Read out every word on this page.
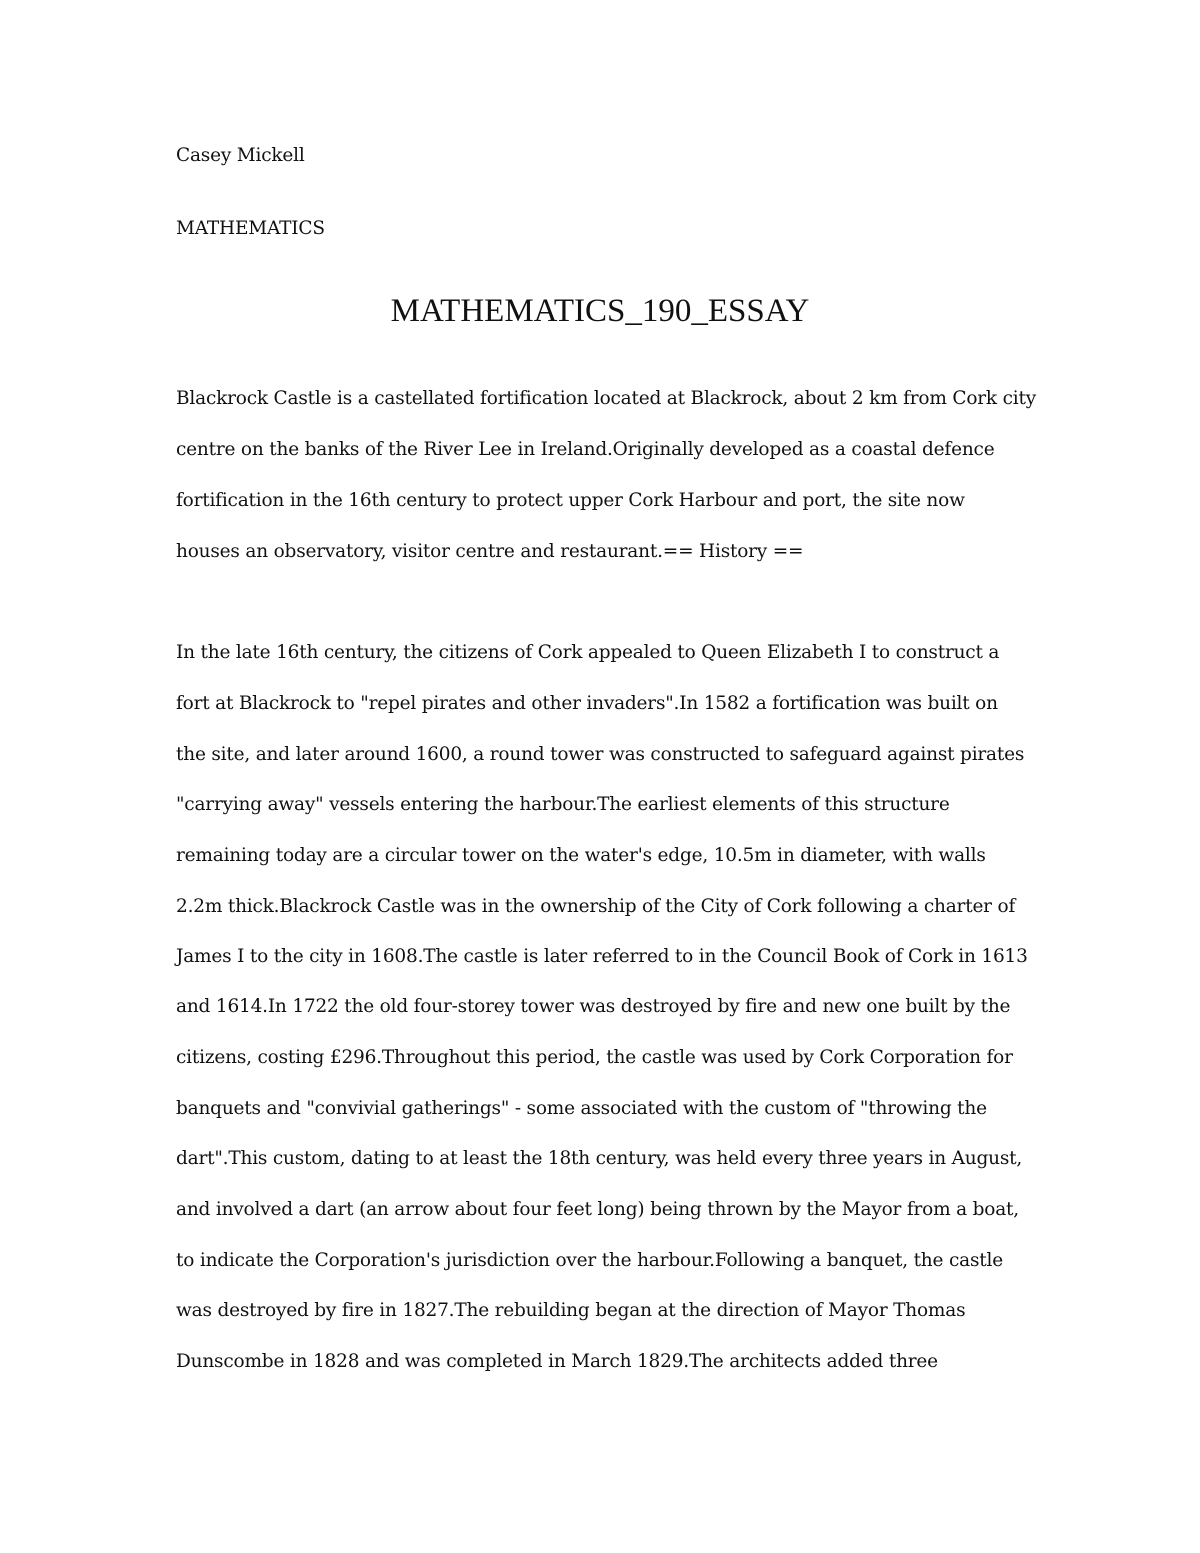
Casey Mickell
MATHEMATICS
MATHEMATICS_190_ESSAY
Blackrock Castle is a castellated fortification located at Blackrock, about 2 km from Cork city
centre on the banks of the River Lee in Ireland.Originally developed as a coastal defence
fortification in the 16th century to protect upper Cork Harbour and port, the site now
houses an observatory, visitor centre and restaurant.== History ==
In the late 16th century, the citizens of Cork appealed to Queen Elizabeth I to construct a
fort at Blackrock to "repel pirates and other invaders".In 1582 a fortification was built on
the site, and later around 1600, a round tower was constructed to safeguard against pirates
"carrying away" vessels entering the harbour.The earliest elements of this structure
remaining today are a circular tower on the water's edge, 10.5m in diameter, with walls
2.2m thick.Blackrock Castle was in the ownership of the City of Cork following a charter of
James I to the city in 1608.The castle is later referred to in the Council Book of Cork in 1613
and 1614.In 1722 the old four-storey tower was destroyed by fire and new one built by the
citizens, costing £296.Throughout this period, the castle was used by Cork Corporation for
banquets and "convivial gatherings" - some associated with the custom of "throwing the
dart".This custom, dating to at least the 18th century, was held every three years in August,
and involved a dart (an arrow about four feet long) being thrown by the Mayor from a boat,
to indicate the Corporation's jurisdiction over the harbour.Following a banquet, the castle
was destroyed by fire in 1827.The rebuilding began at the direction of Mayor Thomas
Dunscombe in 1828 and was completed in March 1829.The architects added three
